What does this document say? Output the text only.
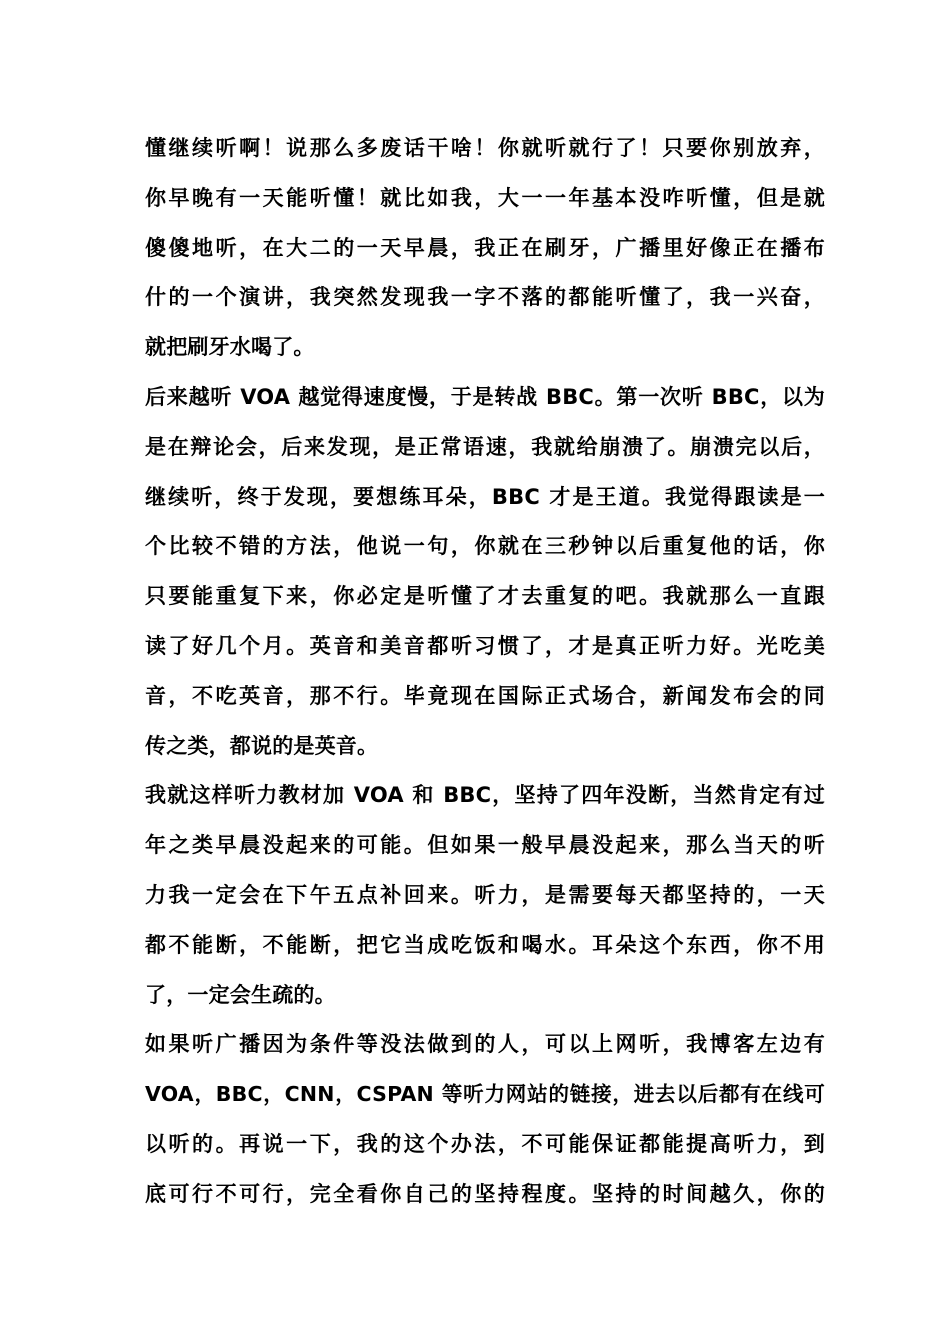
懂继续听啊！说那么多废话干啥！你就听就行了！只要你别放弃，
你早晚有一天能听懂！就比如我，大一一年基本没咋听懂，但是就
傻傻地听，在大二的一天早晨，我正在刷牙，广播里好像正在播布
什的一个演讲，我突然发现我一字不落的都能听懂了，我一兴奋，
就把刷牙水喝了。
后来越听 VOA 越觉得速度慢，于是转战 BBC。第一次听 BBC，以为
是在辩论会，后来发现，是正常语速，我就给崩溃了。崩溃完以后，
继续听，终于发现，要想练耳朵，BBC 才是王道。我觉得跟读是一
个比较不错的方法，他说一句，你就在三秒钟以后重复他的话，你
只要能重复下来，你必定是听懂了才去重复的吧。我就那么一直跟
读了好几个月。英音和美音都听习惯了，才是真正听力好。光吃美
音，不吃英音，那不行。毕竟现在国际正式场合，新闻发布会的同
传之类，都说的是英音。
我就这样听力教材加 VOA 和 BBC，坚持了四年没断，当然肯定有过
年之类早晨没起来的可能。但如果一般早晨没起来，那么当天的听
力我一定会在下午五点补回来。听力，是需要每天都坚持的，一天
都不能断，不能断，把它当成吃饭和喝水。耳朵这个东西，你不用
了，一定会生疏的。
如果听广播因为条件等没法做到的人，可以上网听，我博客左边有
VOA，BBC，CNN，CSPAN 等听力网站的链接，进去以后都有在线可
以听的。再说一下，我的这个办法，不可能保证都能提高听力，到
底可行不可行，完全看你自己的坚持程度。坚持的时间越久，你的
